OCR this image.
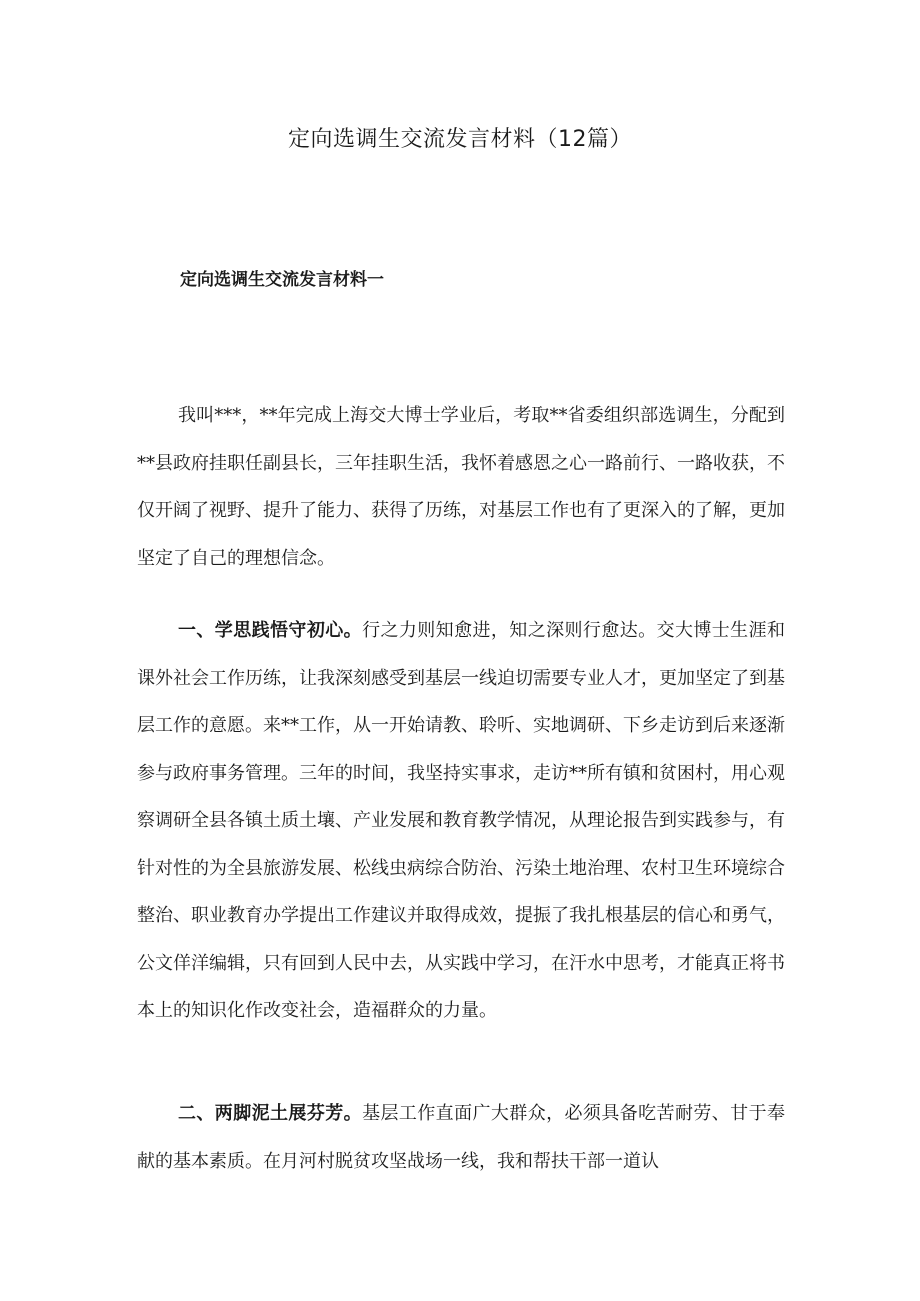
定向选调生交流发言材料（12篇）
定向选调生交流发言材料一

我叫***，**年完成上海交大博士学业后，考取**省委组织部选调生，分配到**县政府挂职任副县长，三年挂职生活，我怀着感恩之心一路前行、一路收获，不仅开阔了视野、提升了能力、获得了历练，对基层工作也有了更深入的了解，更加坚定了自己的理想信念。

一、学思践悟守初心。行之力则知愈进，知之深则行愈达。交大博士生涯和课外社会工作历练，让我深刻感受到基层一线迫切需要专业人才，更加坚定了到基层工作的意愿。来**工作，从一开始请教、聆听、实地调研、下乡走访到后来逐渐参与政府事务管理。三年的时间，我坚持实事求，走访**所有镇和贫困村，用心观察调研全县各镇土质土壤、产业发展和教育教学情况，从理论报告到实践参与，有针对性的为全县旅游发展、松线虫病综合防治、污染土地治理、农村卫生环境综合整治、职业教育办学提出工作建议并取得成效，提振了我扎根基层的信心和勇气，公文佯洋编辑，只有回到人民中去，从实践中学习，在汗水中思考，才能真正将书本上的知识化作改变社会，造福群众的力量。

二、两脚泥土展芬芳。基层工作直面广大群众，必须具备吃苦耐劳、甘于奉献的基本素质。在月河村脱贫攻坚战场一线，我和帮扶干部一道认
